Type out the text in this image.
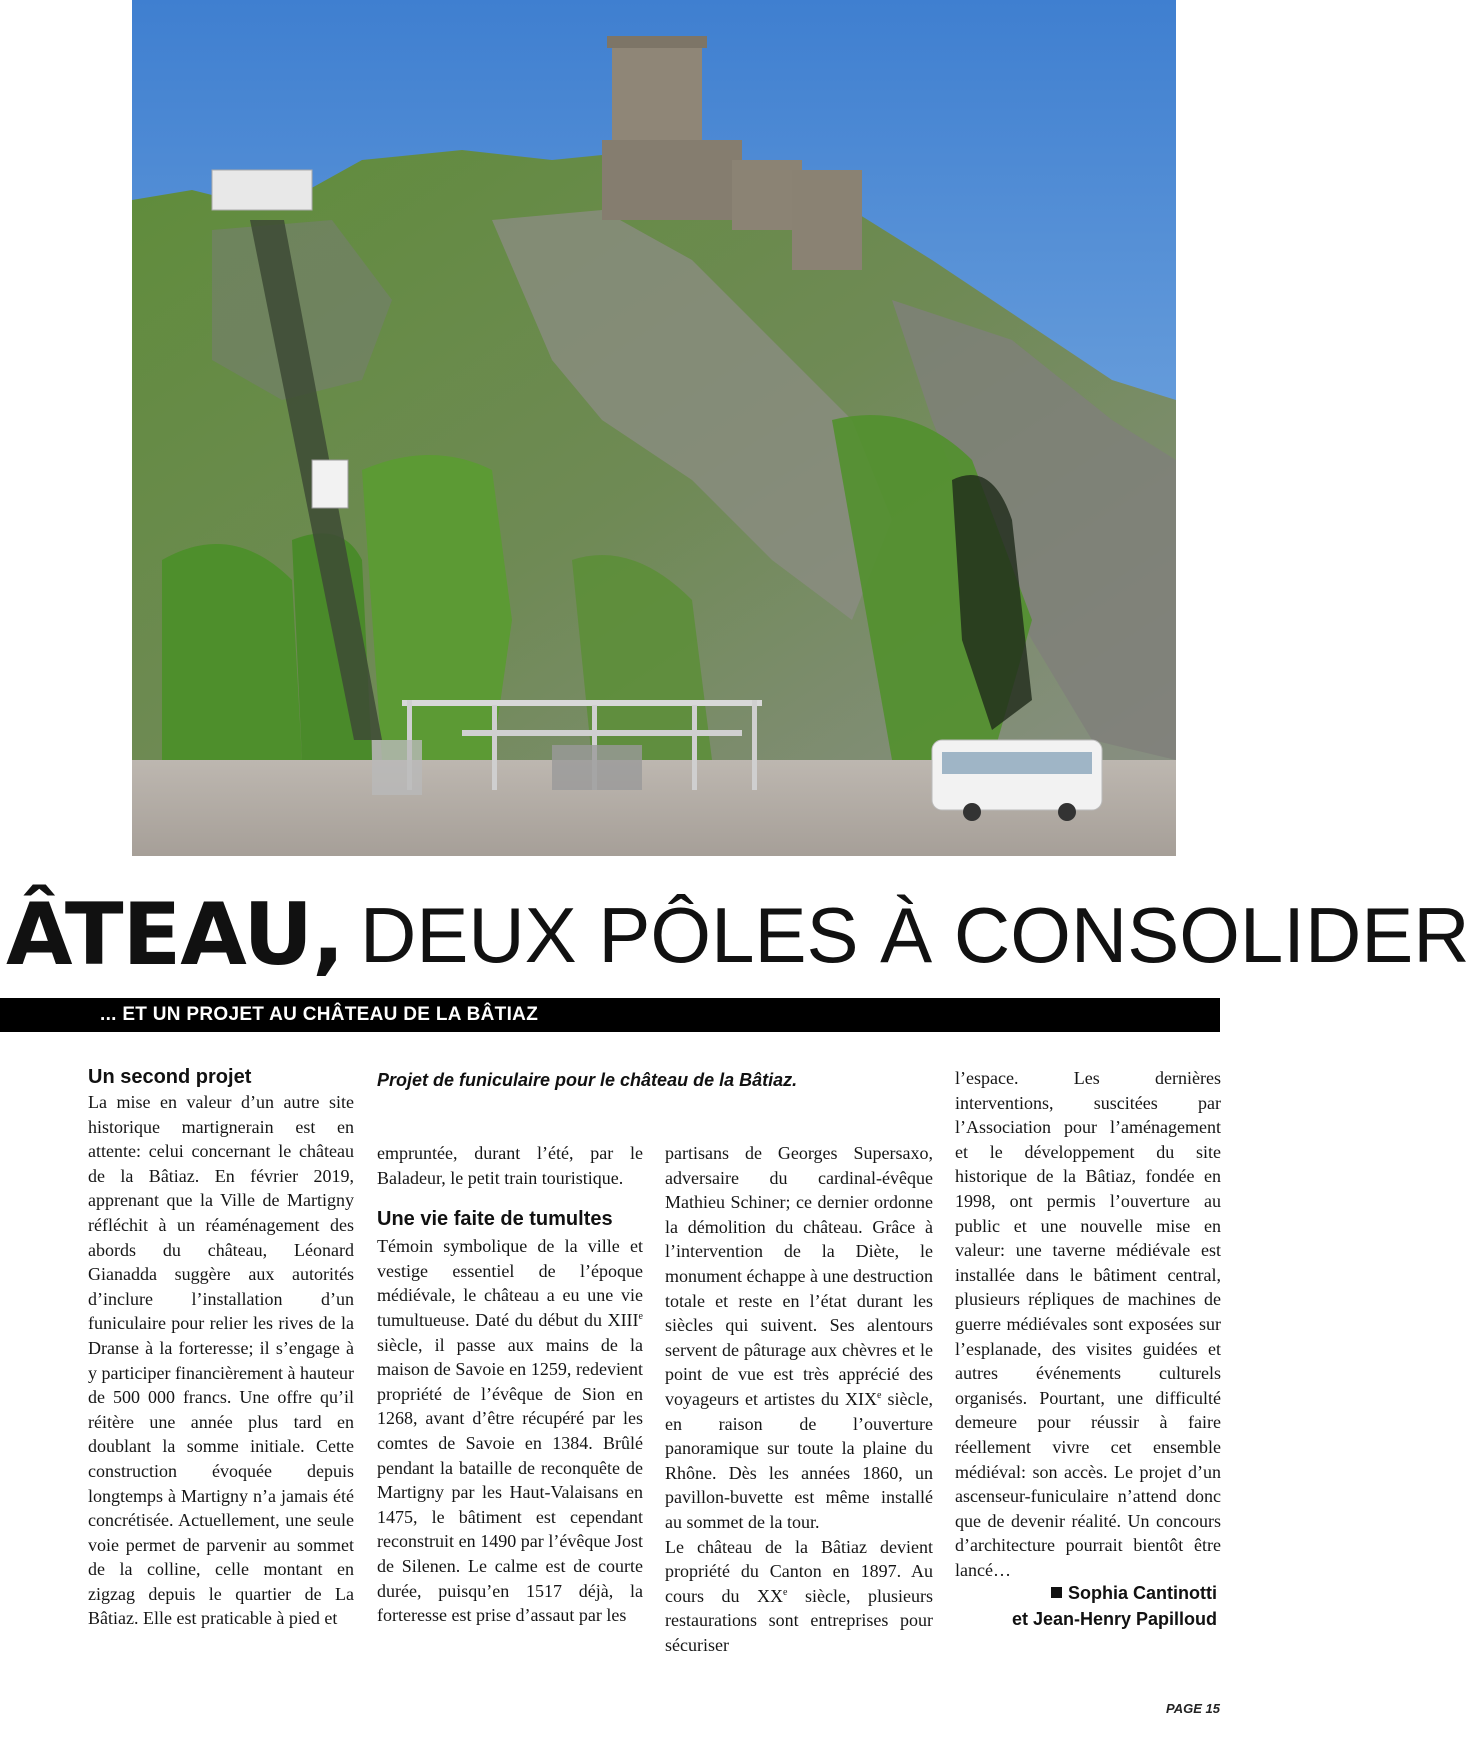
ÂTEAU, DEUX PÔLES À CONSOLIDER
... ET UN PROJET AU CHÂTEAU DE LA BÂTIAZ
Projet de funiculaire pour le château de la Bâtiaz.
Un second projet

La mise en valeur d’un autre site historique martignerain est en attente: celui concernant le château de la Bâtiaz. En février 2019, apprenant que la Ville de Martigny réfléchit à un réaménagement des abords du château, Léonard Gianadda suggère aux autorités d’inclure l’installation d’un funiculaire pour relier les rives de la Dranse à la forteresse; il s’engage à y participer financièrement à hauteur de 500 000 francs. Une offre qu’il réitère une année plus tard en doublant la somme initiale. Cette construction évoquée depuis longtemps à Martigny n’a jamais été concrétisée. Actuellement, une seule voie permet de parvenir au sommet de la colline, celle montant en zigzag depuis le quartier de La Bâtiaz. Elle est praticable à pied et

empruntée, durant l’été, par le Baladeur, le petit train touristique.

Une vie faite de tumultes

Témoin symbolique de la ville et vestige essentiel de l’époque médiévale, le château a eu une vie tumultueuse. Daté du début du XIIIe siècle, il passe aux mains de la maison de Savoie en 1259, redevient propriété de l’évêque de Sion en 1268, avant d’être récupéré par les comtes de Savoie en 1384. Brûlé pendant la bataille de reconquête de Martigny par les Haut-Valaisans en 1475, le bâtiment est cependant reconstruit en 1490 par l’évêque Jost de Silenen. Le calme est de courte durée, puisqu’en 1517 déjà, la forteresse est prise d’assaut par les

partisans de Georges Supersaxo, adversaire du cardinal-évêque Mathieu Schiner; ce dernier ordonne la démolition du château. Grâce à l’intervention de la Diète, le monument échappe à une destruction totale et reste en l’état durant les siècles qui suivent. Ses alentours servent de pâturage aux chèvres et le point de vue est très apprécié des voyageurs et artistes du XIXe siècle, en raison de l’ouverture panoramique sur toute la plaine du Rhône. Dès les années 1860, un pavillon-buvette est même installé au sommet de la tour.

Le château de la Bâtiaz devient propriété du Canton en 1897. Au cours du XXe siècle, plusieurs restaurations sont entreprises pour sécuriser

l’espace. Les dernières interventions, suscitées par l’Association pour l’aménagement et le développement du site historique de la Bâtiaz, fondée en 1998, ont permis l’ouverture au public et une nouvelle mise en valeur: une taverne médiévale est installée dans le bâtiment central, plusieurs répliques de machines de guerre médiévales sont exposées sur l’esplanade, des visites guidées et autres événements culturels organisés. Pourtant, une difficulté demeure pour réussir à faire réellement vivre cet ensemble médiéval: son accès. Le projet d’un ascenseur-funiculaire n’attend donc que de devenir réalité. Un concours d’architecture pourrait bientôt être lancé…

Sophia Cantinotti
et Jean-Henry Papilloud
PAGE 15
